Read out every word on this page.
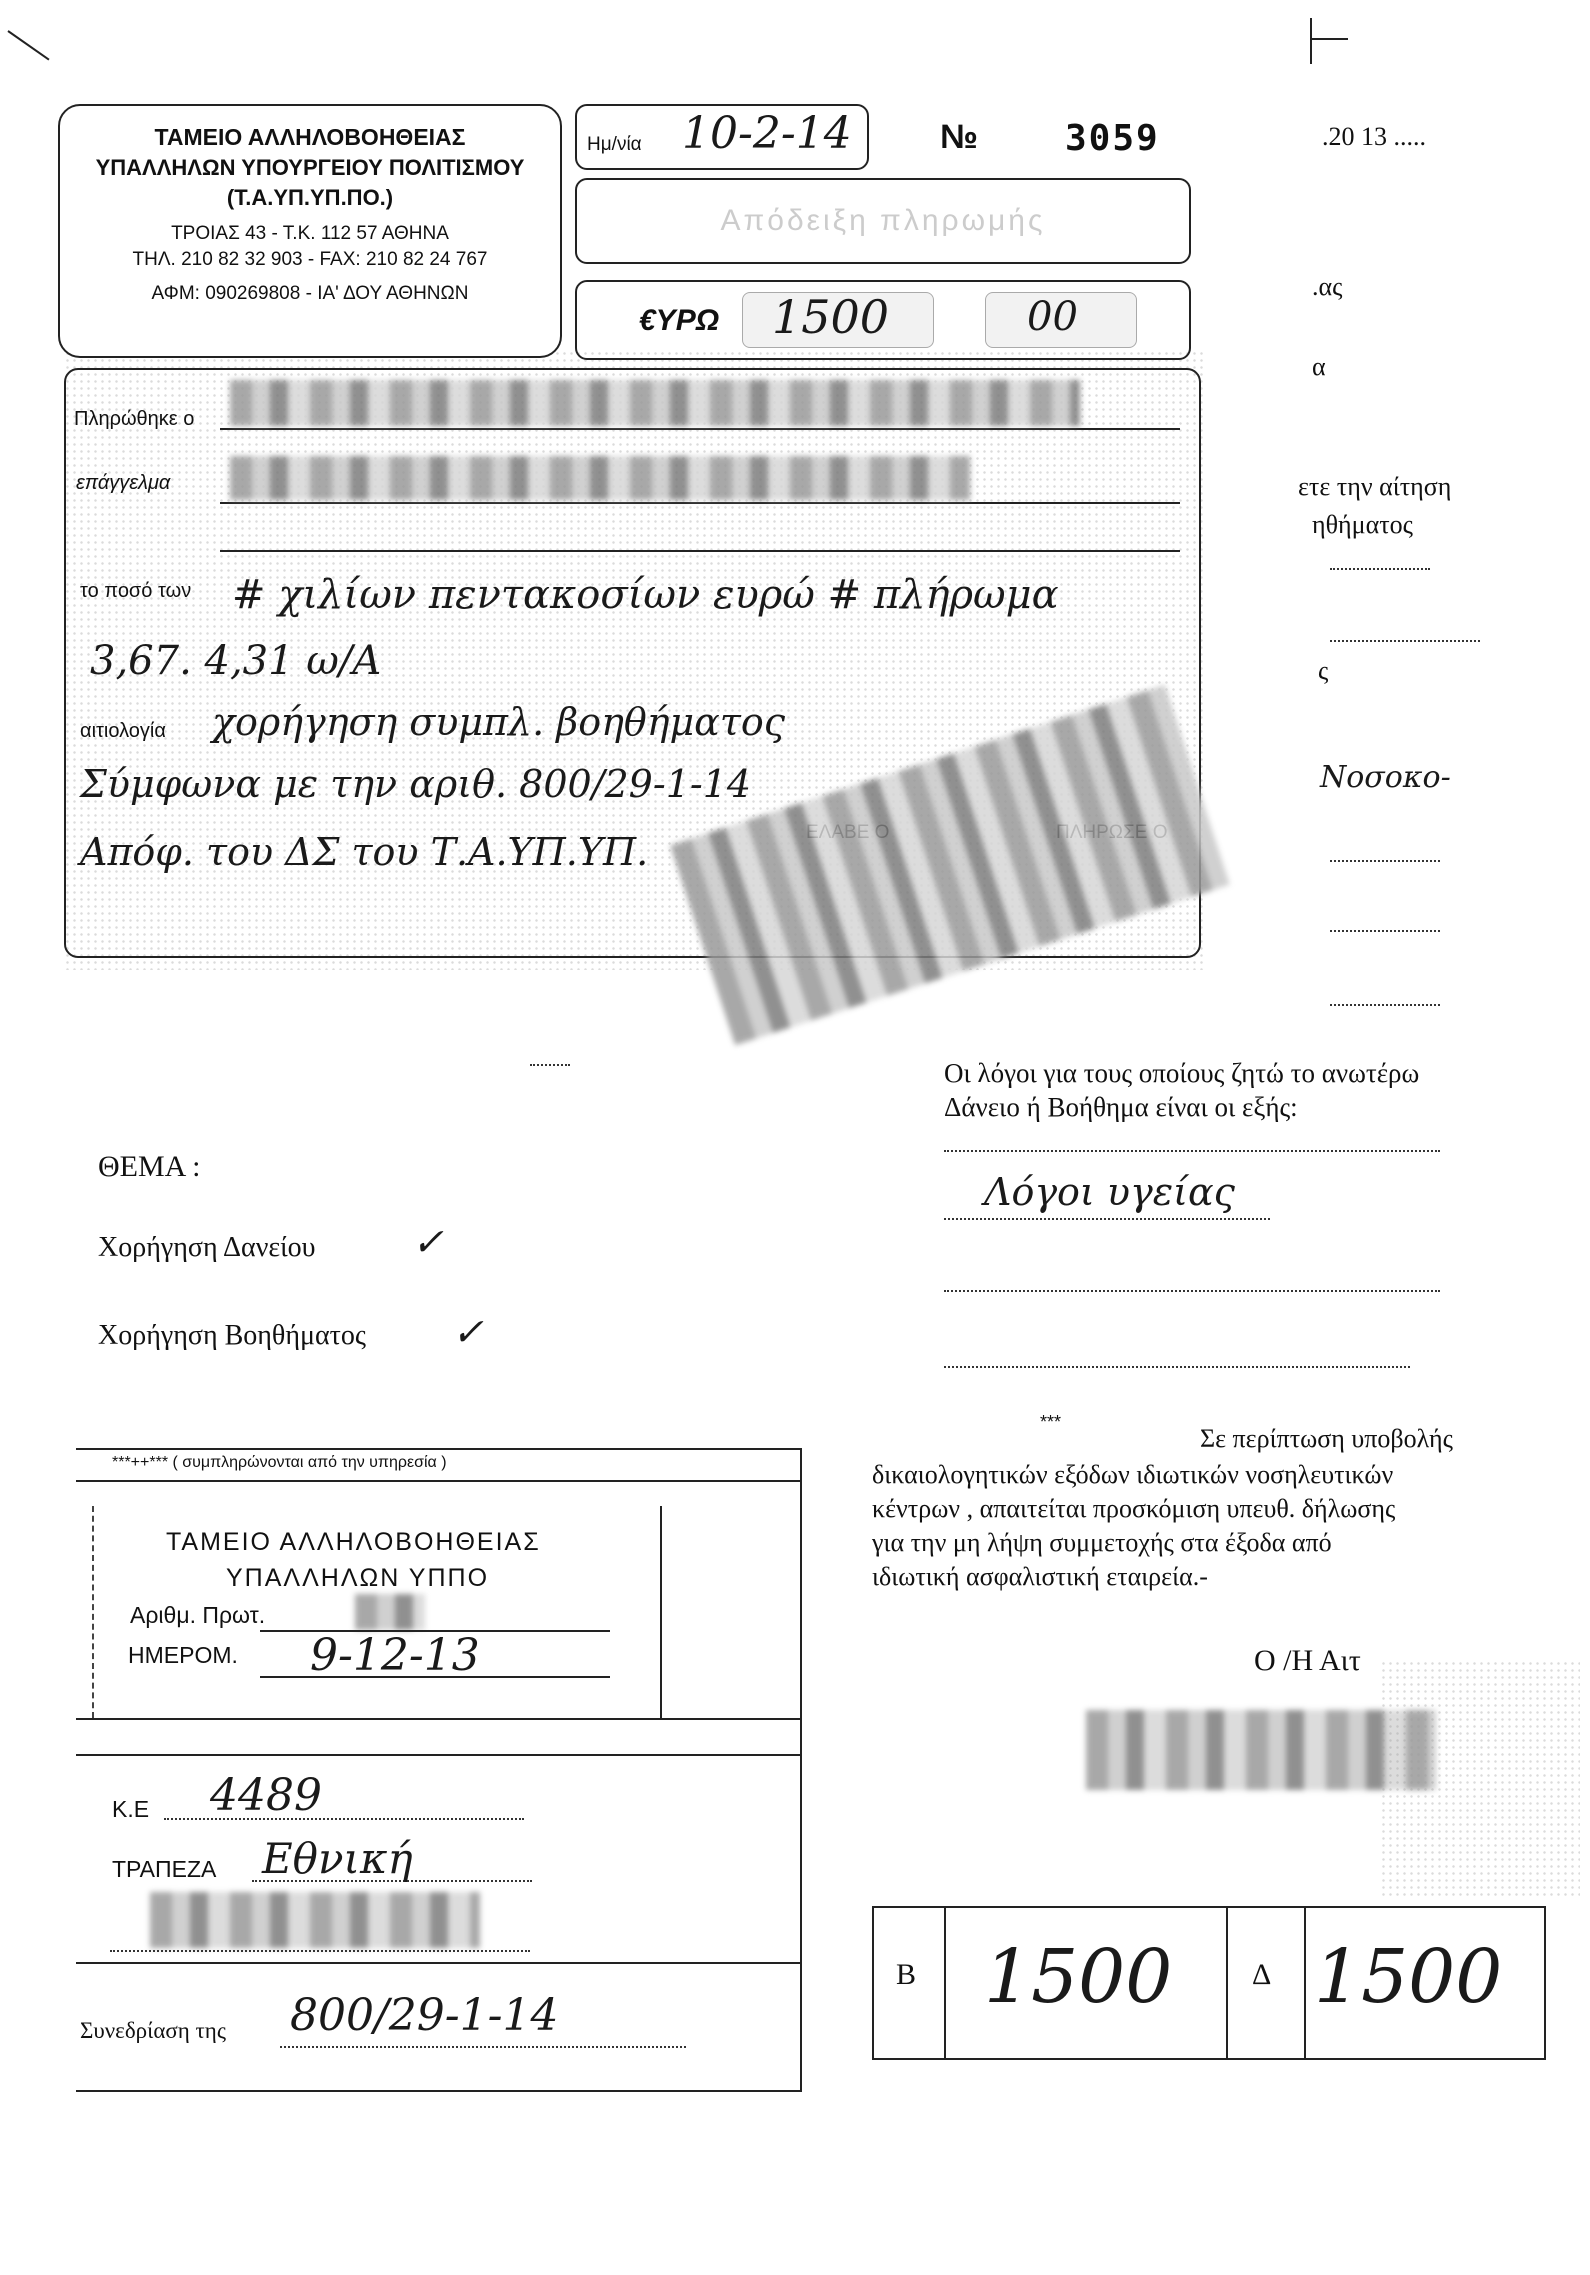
ΤΑΜΕΙΟ ΑΛΛΗΛΟΒΟΗΘΕΙΑΣ
ΥΠΑΛΛΗΛΩΝ ΥΠΟΥΡΓΕΙΟΥ ΠΟΛΙΤΙΣΜΟΥ
(Τ.Α.ΥΠ.ΥΠ.ΠΟ.)
ΤΡΟΙΑΣ 43 - Τ.Κ. 112 57 ΑΘΗΝΑ
ΤΗΛ. 210 82 32 903 - FAX: 210 82 24 767
ΑΦΜ: 090269808 - ΙΑ' ΔΟΥ ΑΘΗΝΩΝ
Ημ/νία 10-2-14	№ 3059
Απόδειξη πληρωμής
€ΥΡΩ 1500	00
Πληρώθηκε ο
επάγγελμα
το ποσό των # χιλίων πεντακοσίων ευρώ # πλήρωμα
3,67. 4,31 ω/Α
αιτιολογία χορήγηση συμπλ. βοηθήματος
Σύμφωνα με την αριθ. 800/29-1-14
Απόφ. του ΔΣ του Τ.Α.ΥΠ.ΥΠ.
.20 13 .....
.ας
α
ετε την αίτηση
ηθήματος
ς
Νοσοκο-
ΘΕΜΑ :
Χορήγηση Δανείου	✓
Χορήγηση Βοηθήματος ✓
Οι λόγοι για τους οποίους ζητώ το ανωτέρω
Δάνειο ή Βοήθημα είναι οι εξής:
Λόγοι υγείας
***
Σε περίπτωση υποβολής
δικαιολογητικών εξόδων ιδιωτικών νοσηλευτικών
κέντρων , απαιτείται προσκόμιση υπευθ. δήλωσης
για την μη λήψη συμμετοχής στα έξοδα από
ιδιωτική ασφαλιστική εταιρεία.-
Ο /Η Αιτ
***++*** ( συμπληρώνονται από την υπηρεσία )
ΤΑΜΕΙΟ ΑΛΛΗΛΟΒΟΗΘΕΙΑΣ
ΥΠΑΛΛΗΛΩΝ ΥΠΠΟ
Αριθμ. Πρωτ.
ΗΜΕΡΟΜ. 9-12-13
Κ.Ε 4489
ΤΡΑΠΕΖΑ Εθνική
Συνεδρίαση της 800/29-1-14
Β 1500	Δ 1500
